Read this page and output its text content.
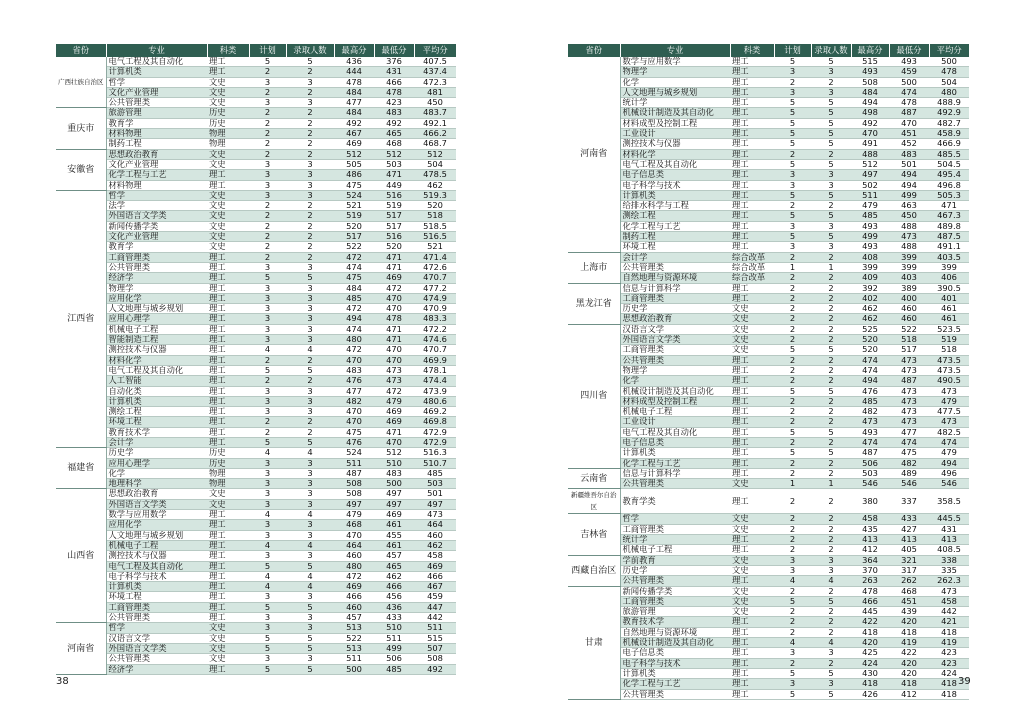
省份	专业	科类	计划	录取人数	最高分	最低分	平均分
广西壮族自治区	电气工程及其自动化	理工	5	5	436	376	407.5
	计算机类	理工	2	2	444	431	437.4
	哲学	文史	3	3	478	466	472.3
	文化产业管理	文史	2	2	484	478	481
	公共管理类	文史	3	3	477	423	450
重庆市	旅游管理	历史	2	2	484	483	483.7
	教育学	历史	2	2	492	492	492.1
	材料物理	物理	2	2	467	465	466.2
	制药工程	物理	2	2	469	468	468.7
安徽省	思想政治教育	文史	2	2	512	512	512
	文化产业管理	文史	3	3	505	503	504
	化学工程与工艺	理工	3	3	486	471	478.5
	材料物理	理工	3	3	475	449	462
江西省	哲学	文史	3	3	524	516	519.3
	法学	文史	2	2	521	519	520
	外国语言文学类	文史	2	2	519	517	518
	新闻传播学类	文史	2	2	520	517	518.5
	文化产业管理	文史	2	2	517	516	516.5
	教育学	文史	2	2	522	520	521
	工商管理类	理工	2	2	472	471	471.4
	公共管理类	理工	3	3	474	471	472.6
	经济学	理工	5	5	475	469	470.7
	物理学	理工	3	3	484	472	477.2
	应用化学	理工	3	3	485	470	474.9
	人文地理与城乡规划	理工	3	3	472	470	470.9
	应用心理学	理工	3	3	494	478	483.3
	机械电子工程	理工	3	3	474	471	472.2
	智能制造工程	理工	3	3	480	471	474.6
	测控技术与仪器	理工	4	4	472	470	470.7
	材料化学	理工	2	2	470	470	469.9
	电气工程及其自动化	理工	5	5	483	473	478.1
	人工智能	理工	2	2	476	473	474.4
	自动化类	理工	3	3	477	472	473.9
	计算机类	理工	3	3	482	479	480.6
	测绘工程	理工	3	3	470	469	469.2
	环境工程	理工	2	2	470	469	469.8
	教育技术学	理工	2	2	475	471	472.9
	会计学	理工	5	5	476	470	472.9
福建省	历史学	历史	4	4	524	512	516.3
	应用心理学	历史	3	3	511	510	510.7
	化学	物理	3	3	487	483	485
	地理科学	物理	3	3	508	500	503
山西省	思想政治教育	文史	3	3	508	497	501
	外国语言文学类	文史	3	3	497	497	497
	数学与应用数学	理工	4	4	479	469	473
	应用化学	理工	3	3	468	461	464
	人文地理与城乡规划	理工	3	3	470	455	460
	机械电子工程	理工	4	4	464	461	462
	测控技术与仪器	理工	3	3	460	457	458
	电气工程及其自动化	理工	5	5	480	465	469
	电子科学与技术	理工	4	4	472	462	466
	计算机类	理工	4	4	469	466	467
	环境工程	理工	3	3	466	456	459
	工商管理类	理工	5	5	460	436	447
	公共管理类	理工	3	3	457	433	442
河南省	哲学	文史	3	3	513	510	511
	汉语言文学	文史	5	5	522	511	515
	外国语言文学类	文史	5	5	513	499	507
	公共管理类	文史	3	3	511	506	508
	经济学	理工	5	5	500	485	492
省份	专业	科类	计划	录取人数	最高分	最低分	平均分
河南省	数学与应用数学	理工	5	5	515	493	500
	物理学	理工	3	3	493	459	478
	化学	理工	2	2	508	500	504
	人文地理与城乡规划	理工	3	3	484	474	480
	统计学	理工	5	5	494	478	488.9
	机械设计制造及其自动化	理工	5	5	498	487	492.9
	材料成型及控制工程	理工	5	5	492	470	482.7
	工业设计	理工	5	5	470	451	458.9
	测控技术与仪器	理工	5	5	491	452	466.9
	材料化学	理工	2	2	488	483	485.5
	电气工程及其自动化	理工	5	5	512	501	504.5
	电子信息类	理工	3	3	497	494	495.4
	电子科学与技术	理工	3	3	502	494	496.8
	计算机类	理工	5	5	511	499	505.3
	给排水科学与工程	理工	2	2	479	463	471
	测绘工程	理工	5	5	485	450	467.3
	化学工程与工艺	理工	3	3	493	488	489.8
	制药工程	理工	5	5	499	473	487.5
	环境工程	理工	3	3	493	488	491.1
上海市	会计学	综合改革	2	2	408	399	403.5
	公共管理类	综合改革	1	1	399	399	399
	自然地理与资源环境	综合改革	2	2	409	403	406
黑龙江省	信息与计算科学	理工	2	2	392	389	390.5
	工商管理类	理工	2	2	402	400	401
	历史学	文史	2	2	462	460	461
	思想政治教育	文史	2	2	462	460	461
四川省	汉语言文学	文史	2	2	525	522	523.5
	外国语言文学类	文史	2	2	520	518	519
	工商管理类	文史	5	5	520	517	518
	公共管理类	理工	2	2	474	473	473.5
	物理学	理工	2	2	474	473	473.5
	化学	理工	2	2	494	487	490.5
	机械设计制造及其自动化	理工	5	5	476	473	473
	材料成型及控制工程	理工	2	2	485	473	479
	机械电子工程	理工	2	2	482	473	477.5
	工业设计	理工	2	2	473	473	473
	电气工程及其自动化	理工	5	5	493	477	482.5
	电子信息类	理工	2	2	474	474	474
	计算机类	理工	5	5	487	475	479
	化学工程与工艺	理工	2	2	506	482	494
云南省	信息与计算科学	理工	2	2	503	489	496
	公共管理类	文史	1	1	546	546	546
新疆维吾尔自治区	教育学类	理工	2	2	380	337	358.5
吉林省	哲学	文史	2	2	458	433	445.5
	工商管理类	文史	2	2	435	427	431
	统计学	理工	2	2	413	413	413
	机械电子工程	理工	2	2	412	405	408.5
西藏自治区	学前教育	文史	3	3	364	321	338
	历史学	文史	3	3	370	317	335
	公共管理类	理工	4	4	263	262	262.3
甘肃	新闻传播学类	文史	2	2	478	468	473
	工商管理类	文史	5	5	466	451	458
	旅游管理	文史	2	2	445	439	442
	教育技术学	理工	2	2	422	420	421
	自然地理与资源环境	理工	2	2	418	418	418
	机械设计制造及其自动化	理工	4	4	420	419	419
	电子信息类	理工	3	3	425	422	423
	电子科学与技术	理工	2	2	424	420	423
	计算机类	理工	5	5	430	420	424
	化学工程与工艺	理工	3	3	418	418	418
	公共管理类	理工	5	5	426	412	418
38	39
